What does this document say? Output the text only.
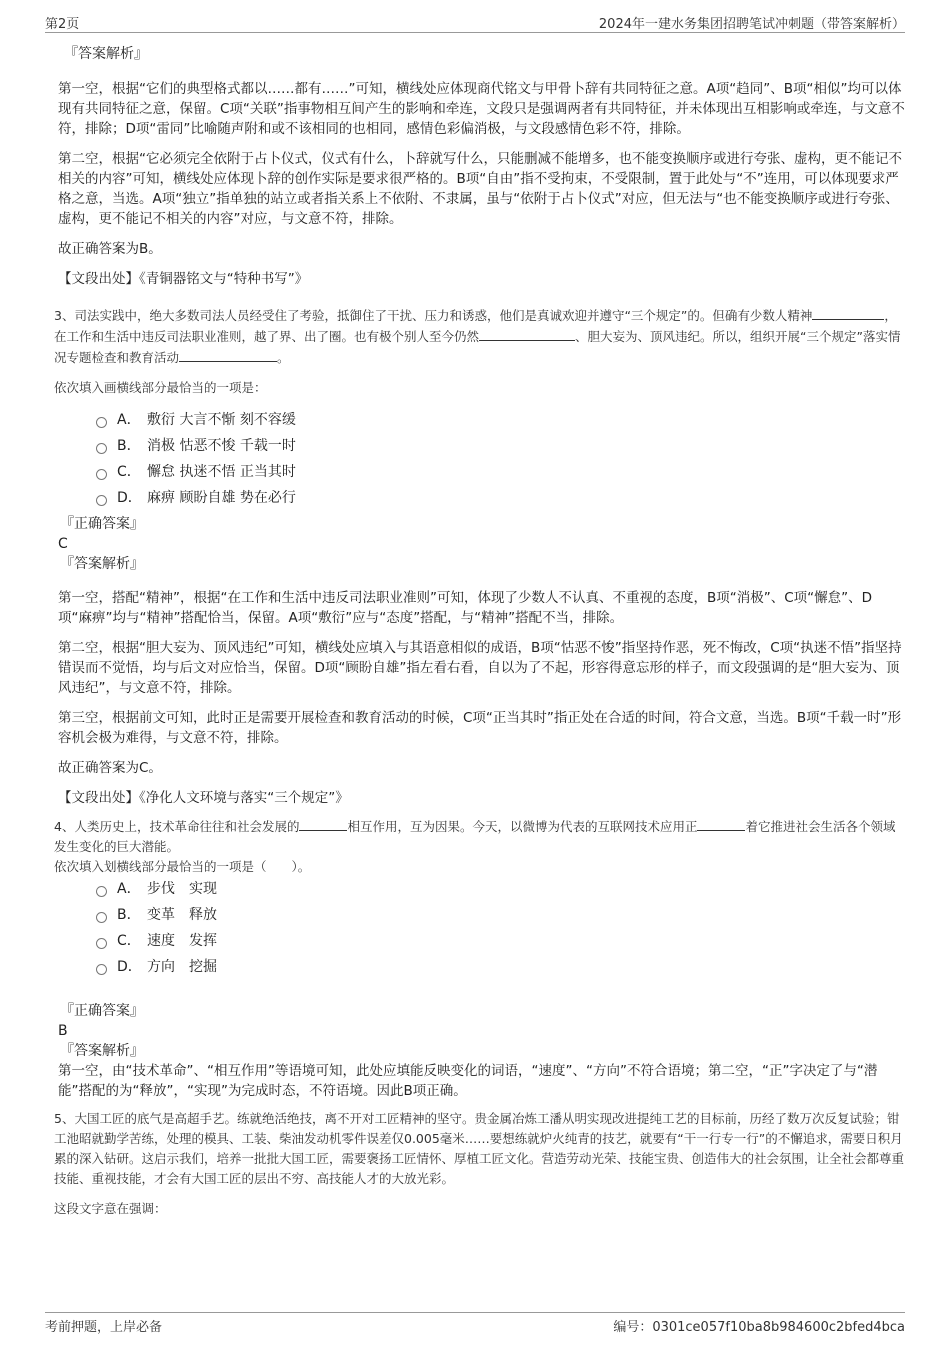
第2页	2024年一建水务集团招聘笔试冲刺题（带答案解析）
『答案解析』

第一空，根据“它们的典型格式都以……都有……”可知，横线处应体现商代铭文与甲骨卜辞有共同特征之意。A项“趋同”、B项“相似”均可以体现有共同特征之意，保留。C项“关联”指事物相互间产生的影响和牵连，文段只是强调两者有共同特征，并未体现出互相影响或牵连，与文意不符，排除；D项“雷同”比喻随声附和或不该相同的也相同，感情色彩偏消极，与文段感情色彩不符，排除。

第二空，根据“它必须完全依附于占卜仪式，仪式有什么，卜辞就写什么，只能删减不能增多，也不能变换顺序或进行夸张、虚构，更不能记不相关的内容”可知，横线处应体现卜辞的创作实际是要求很严格的。B项“自由”指不受拘束，不受限制，置于此处与“不”连用，可以体现要求严格之意，当选。A项“独立”指单独的站立或者指关系上不依附、不隶属，虽与“依附于占卜仪式”对应，但无法与“也不能变换顺序或进行夸张、虚构，更不能记不相关的内容”对应，与文意不符，排除。

故正确答案为B。

【文段出处】《青铜器铭文与“特种书写”》

3、司法实践中，绝大多数司法人员经受住了考验，抵御住了干扰、压力和诱惑，他们是真诚欢迎并遵守“三个规定”的。但确有少数人精神	，在工作和生活中违反司法职业准则，越了界、出了圈。也有极个别人至今仍然	、胆大妄为、顶风违纪。所以，组织开展“三个规定”落实情况专题检查和教育活动	。

依次填入画横线部分最恰当的一项是：

A． 敷衍 大言不惭 刻不容缓
B． 消极 怙恶不悛 千载一时
C． 懈怠 执迷不悟 正当其时
D． 麻痹 顾盼自雄 势在必行
『正确答案』
C
『答案解析』

第一空，搭配“精神”，根据“在工作和生活中违反司法职业准则”可知，体现了少数人不认真、不重视的态度，B项“消极”、C项“懈怠”、D项“麻痹”均与“精神”搭配恰当，保留。A项“敷衍”应与“态度”搭配，与“精神”搭配不当，排除。

第二空，根据“胆大妄为、顶风违纪”可知，横线处应填入与其语意相似的成语，B项“怙恶不悛”指坚持作恶，死不悔改，C项“执迷不悟”指坚持错误而不觉悟，均与后文对应恰当，保留。D项“顾盼自雄”指左看右看，自以为了不起，形容得意忘形的样子，而文段强调的是“胆大妄为、顶风违纪”，与文意不符，排除。

第三空，根据前文可知，此时正是需要开展检查和教育活动的时候，C项“正当其时”指正处在合适的时间，符合文意，当选。B项“千载一时”形容机会极为难得，与文意不符，排除。

故正确答案为C。

【文段出处】《净化人文环境与落实“三个规定”》

4、人类历史上，技术革命往往和社会发展的	相互作用，互为因果。今天，以微博为代表的互联网技术应用正	着它推进社会生活各个领域发生变化的巨大潜能。

依次填入划横线部分最恰当的一项是（　　）。

A． 步伐　实现
B． 变革　释放
C． 速度　发挥
D． 方向　挖掘
『正确答案』
B
『答案解析』

第一空，由“技术革命”、“相互作用”等语境可知，此处应填能反映变化的词语，“速度”、“方向”不符合语境；第二空，“正”字决定了与“潜能”搭配的为“释放”，“实现”为完成时态，不符语境。因此B项正确。

5、大国工匠的底气是高超手艺。练就绝活绝技，离不开对工匠精神的坚守。贵金属冶炼工潘从明实现改进提纯工艺的目标前，历经了数万次反复试验；钳工池昭就勤学苦练，处理的模具、工装、柴油发动机零件误差仅0.005毫米……要想练就炉火纯青的技艺，就要有“干一行专一行”的不懈追求，需要日积月累的深入钻研。这启示我们，培养一批批大国工匠，需要褒扬工匠情怀、厚植工匠文化。营造劳动光荣、技能宝贵、创造伟大的社会氛围，让全社会都尊重技能、重视技能，才会有大国工匠的层出不穷、高技能人才的大放光彩。

这段文字意在强调：

考前押题，上岸必备	编号：0301ce057f10ba8b984600c2bfed4bca
